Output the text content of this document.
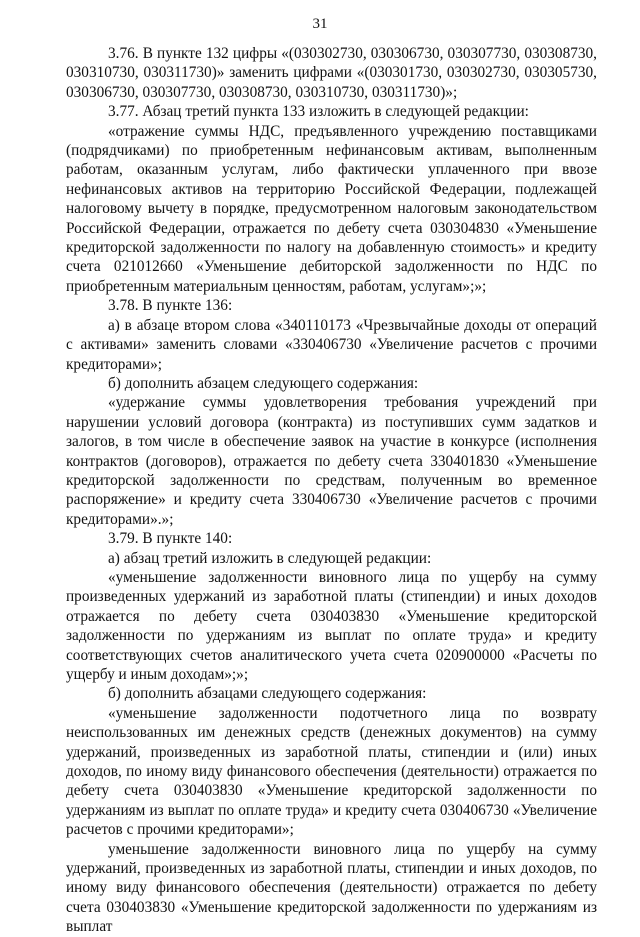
31

3.76. В пункте 132 цифры «(030302730, 030306730, 030307730, 030308730, 030310730, 030311730)» заменить цифрами «(030301730, 030302730, 030305730, 030306730, 030307730, 030308730, 030310730, 030311730)»;

3.77. Абзац третий пункта 133 изложить в следующей редакции:

«отражение суммы НДС, предъявленного учреждению поставщиками (подрядчиками) по приобретенным нефинансовым активам, выполненным работам, оказанным услугам, либо фактически уплаченного при ввозе нефинансовых активов на территорию Российской Федерации, подлежащей налоговому вычету в порядке, предусмотренном налоговым законодательством Российской Федерации, отражается по дебету счета 030304830 «Уменьшение кредиторской задолженности по налогу на добавленную стоимость» и кредиту счета 021012660 «Уменьшение дебиторской задолженности по НДС по приобретенным материальным ценностям, работам, услугам»;»;

3.78. В пункте 136:

а) в абзаце втором слова «340110173 «Чрезвычайные доходы от операций с активами» заменить словами «330406730 «Увеличение расчетов с прочими кредиторами»;

б) дополнить абзацем следующего содержания:

«удержание суммы удовлетворения требования учреждений при нарушении условий договора (контракта) из поступивших сумм задатков и залогов, в том числе в обеспечение заявок на участие в конкурсе (исполнения контрактов (договоров), отражается по дебету счета 330401830 «Уменьшение кредиторской задолженности по средствам, полученным во временное распоряжение» и кредиту счета 330406730 «Увеличение расчетов с прочими кредиторами».»;

3.79. В пункте 140:

а) абзац третий изложить в следующей редакции:

«уменьшение задолженности виновного лица по ущербу на сумму произведенных удержаний из заработной платы (стипендии) и иных доходов отражается по дебету счета 030403830 «Уменьшение кредиторской задолженности по удержаниям из выплат по оплате труда» и кредиту соответствующих счетов аналитического учета счета 020900000 «Расчеты по ущербу и иным доходам»;»;

б) дополнить абзацами следующего содержания:

«уменьшение задолженности подотчетного лица по возврату неиспользованных им денежных средств (денежных документов) на сумму удержаний, произведенных из заработной платы, стипендии и (или) иных доходов, по иному виду финансового обеспечения (деятельности) отражается по дебету счета 030403830 «Уменьшение кредиторской задолженности по удержаниям из выплат по оплате труда» и кредиту счета 030406730 «Увеличение расчетов с прочими кредиторами»;

уменьшение задолженности виновного лица по ущербу на сумму удержаний, произведенных из заработной платы, стипендии и иных доходов, по иному виду финансового обеспечения (деятельности) отражается по дебету счета 030403830 «Уменьшение кредиторской задолженности по удержаниям из выплат
